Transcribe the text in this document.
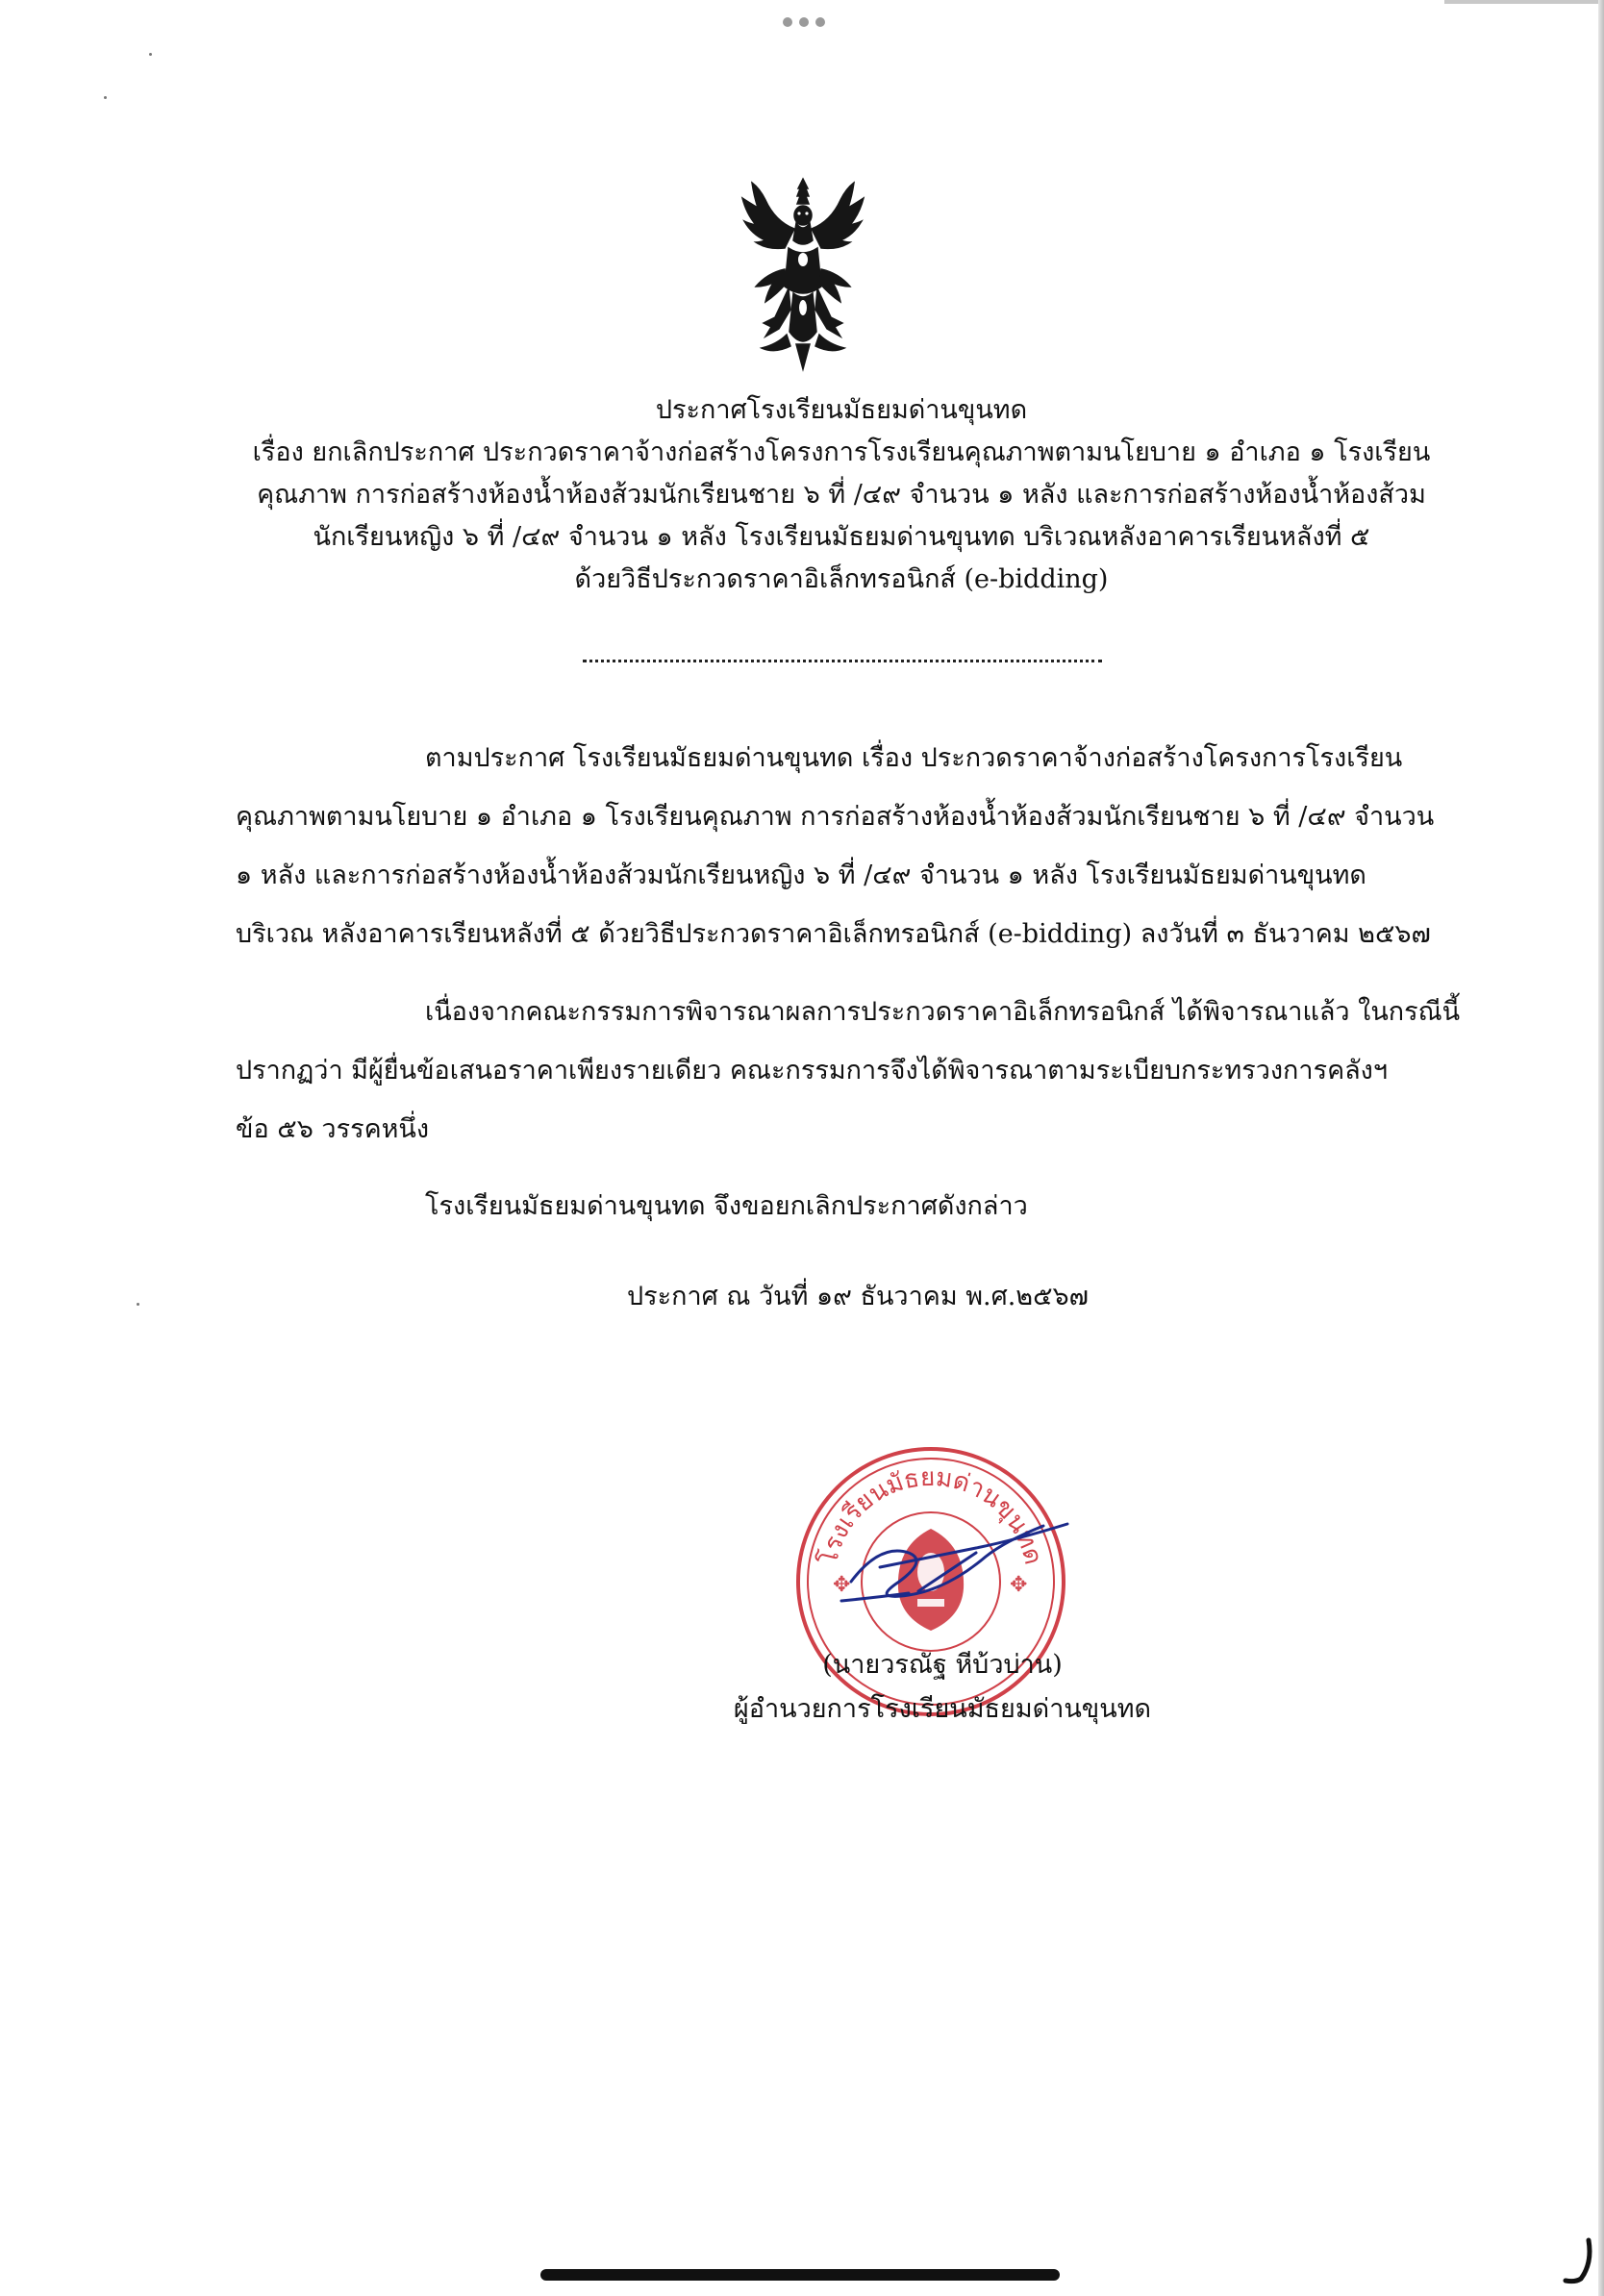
ประกาศโรงเรียนมัธยมด่านขุนทด
เรื่อง ยกเลิกประกาศ ประกวดราคาจ้างก่อสร้างโครงการโรงเรียนคุณภาพตามนโยบาย ๑ อำเภอ ๑ โรงเรียน
คุณภาพ การก่อสร้างห้องน้ำห้องส้วมนักเรียนชาย ๖ ที่ /๔๙ จำนวน ๑ หลัง และการก่อสร้างห้องน้ำห้องส้วม
นักเรียนหญิง ๖ ที่ /๔๙ จำนวน ๑ หลัง โรงเรียนมัธยมด่านขุนทด บริเวณหลังอาคารเรียนหลังที่ ๕
ด้วยวิธีประกวดราคาอิเล็กทรอนิกส์ (e-bidding)
ตามประกาศ โรงเรียนมัธยมด่านขุนทด เรื่อง ประกวดราคาจ้างก่อสร้างโครงการโรงเรียน
คุณภาพตามนโยบาย ๑ อำเภอ ๑ โรงเรียนคุณภาพ การก่อสร้างห้องน้ำห้องส้วมนักเรียนชาย ๖ ที่ /๔๙ จำนวน
๑ หลัง และการก่อสร้างห้องน้ำห้องส้วมนักเรียนหญิง ๖ ที่ /๔๙ จำนวน ๑ หลัง โรงเรียนมัธยมด่านขุนทด
บริเวณ หลังอาคารเรียนหลังที่ ๕ ด้วยวิธีประกวดราคาอิเล็กทรอนิกส์ (e-bidding) ลงวันที่ ๓ ธันวาคม ๒๕๖๗
เนื่องจากคณะกรรมการพิจารณาผลการประกวดราคาอิเล็กทรอนิกส์ ได้พิจารณาแล้ว ในกรณีนี้
ปรากฏว่า มีผู้ยื่นข้อเสนอราคาเพียงรายเดียว คณะกรรมการจึงได้พิจารณาตามระเบียบกระทรวงการคลังฯ
ข้อ ๕๖ วรรคหนึ่ง
โรงเรียนมัธยมด่านขุนทด จึงขอยกเลิกประกาศดังกล่าว
ประกาศ ณ วันที่ ๑๙ ธันวาคม พ.ศ.๒๕๖๗
โรงเรียนมัธยมด่านขุนทด
✥	✥
(นายวรณัฐ หีบ้วบ่าน)
ผู้อำนวยการโรงเรียนมัธยมด่านขุนทด
